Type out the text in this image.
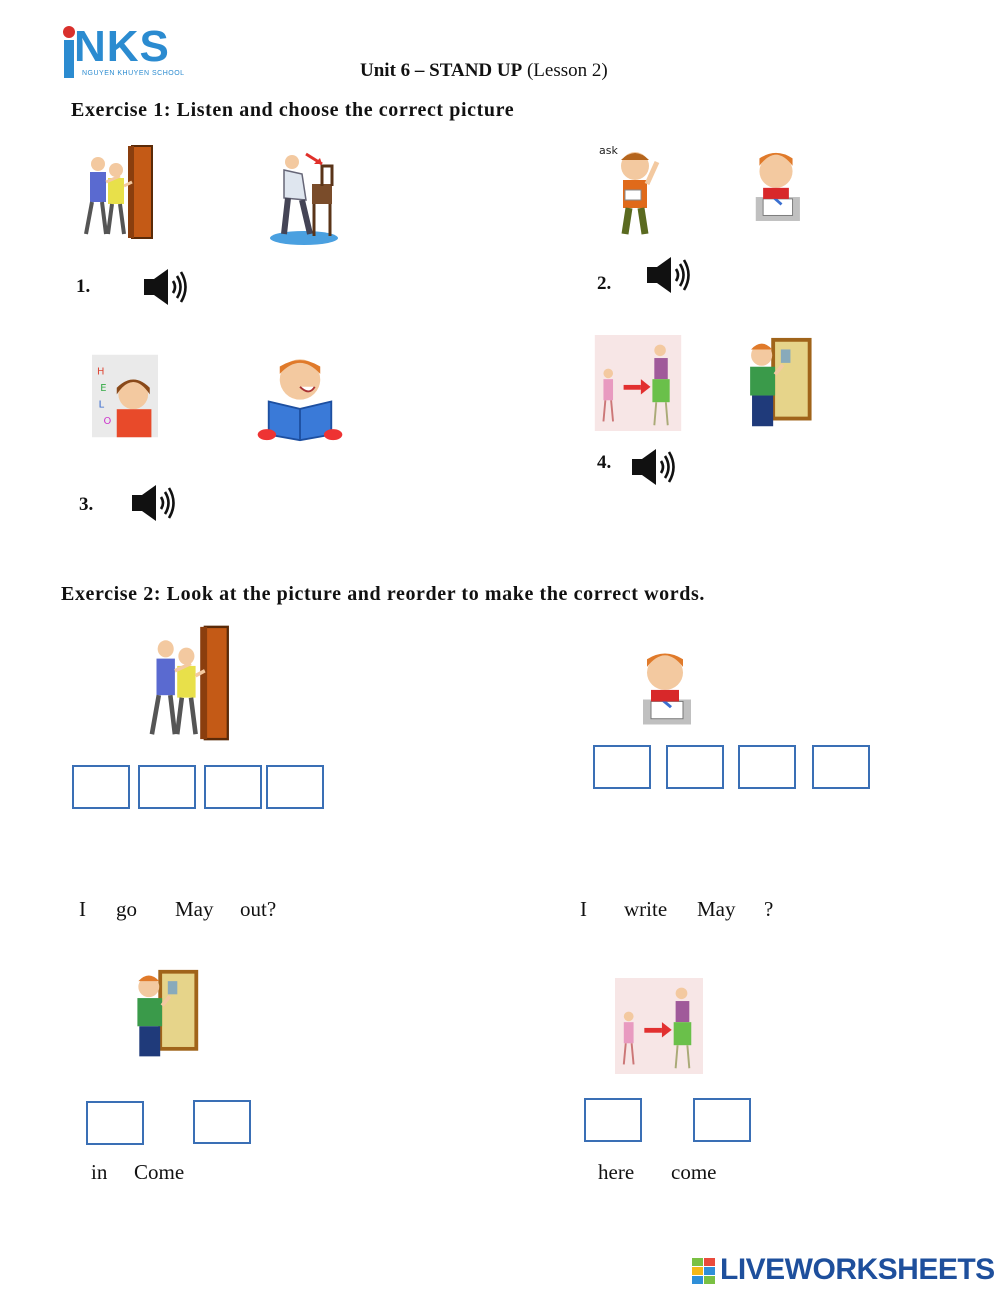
NKS
NGUYEN KHUYEN SCHOOL	Unit 6 – STAND UP (Lesson 2)
Exercise 1: Listen and choose the correct picture
1.	2.
3.
4.
Exercise 2: Look at the picture and reorder to make the correct words.
I go May out?	I write May ?
in Come	here come
LIVEWORKSHEETS
